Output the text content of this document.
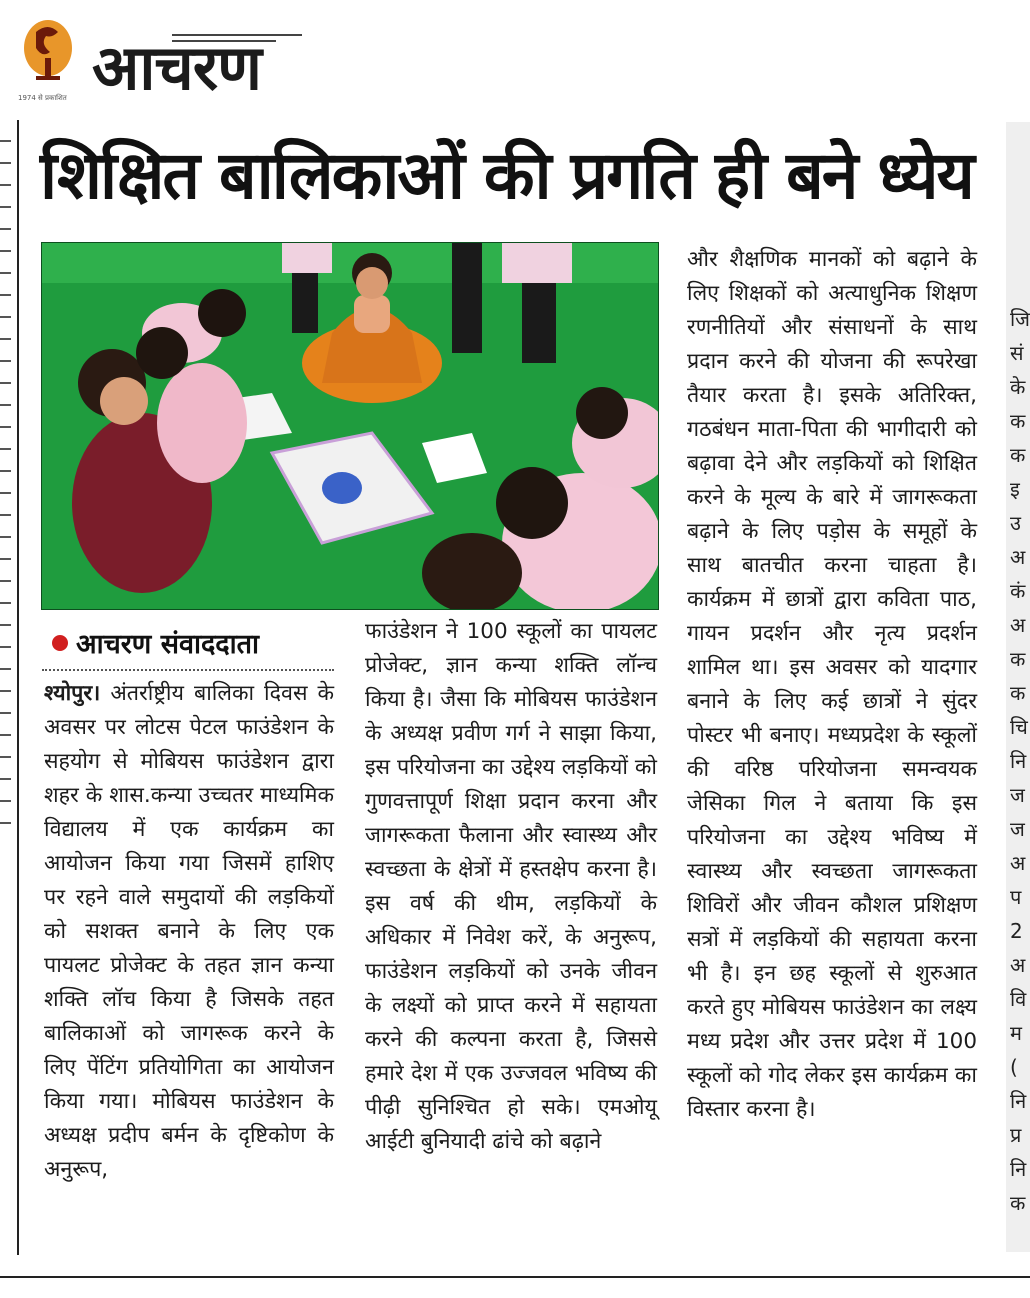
आचरण
1974 से प्रकाशित
जि
सं
के
क
क
इ
उ
अ
कं
अ
क
क
चि
नि
ज
ज
अ
प
2
अ
वि
म
(
नि
प्र
नि
क
शिक्षित बालिकाओं की प्रगति ही बने ध्येय
आचरण संवाददाता
श्योपुर। अंतर्राष्ट्रीय बालिका दिवस के अवसर पर लोटस पेटल फाउंडेशन के सहयोग से मोबियस फाउंडेशन द्वारा शहर के शास.कन्या उच्चतर माध्यमिक विद्यालय में एक कार्यक्रम का आयोजन किया गया जिसमें हाशिए पर रहने वाले समुदायों की लड़कियों को सशक्त बनाने के लिए एक पायलट प्रोजेक्ट के तहत ज्ञान कन्या शक्ति लॉच किया है जिसके तहत बालिकाओं को जागरूक करने के लिए पेंटिंग प्रतियोगिता का आयोजन किया गया। मोबियस फाउंडेशन के अध्यक्ष प्रदीप बर्मन के दृष्टिकोण के अनुरूप,
फाउंडेशन ने 100 स्कूलों का पायलट प्रोजेक्ट, ज्ञान कन्या शक्ति लॉन्च किया है। जैसा कि मोबियस फाउंडेशन के अध्यक्ष प्रवीण गर्ग ने साझा किया, इस परियोजना का उद्देश्य लड़कियों को गुणवत्तापूर्ण शिक्षा प्रदान करना और जागरूकता फैलाना और स्वास्थ्य और स्वच्छता के क्षेत्रों में हस्तक्षेप करना है। इस वर्ष की थीम, लड़कियों के अधिकार में निवेश करें, के अनुरूप, फाउंडेशन लड़कियों को उनके जीवन के लक्ष्यों को प्राप्त करने में सहायता करने की कल्पना करता है, जिससे हमारे देश में एक उज्जवल भविष्य की पीढ़ी सुनिश्चित हो सके। एमओयू आईटी बुनियादी ढांचे को बढ़ाने
और शैक्षणिक मानकों को बढ़ाने के लिए शिक्षकों को अत्याधुनिक शिक्षण रणनीतियों और संसाधनों के साथ प्रदान करने की योजना की रूपरेखा तैयार करता है। इसके अतिरिक्त, गठबंधन माता-पिता की भागीदारी को बढ़ावा देने और लड़कियों को शिक्षित करने के मूल्य के बारे में जागरूकता बढ़ाने के लिए पड़ोस के समूहों के साथ बातचीत करना चाहता है। कार्यक्रम में छात्रों द्वारा कविता पाठ, गायन प्रदर्शन और नृत्य प्रदर्शन शामिल था। इस अवसर को यादगार बनाने के लिए कई छात्रों ने सुंदर पोस्टर भी बनाए। मध्यप्रदेश के स्कूलों की वरिष्ठ परियोजना समन्वयक जेसिका गिल ने बताया कि इस परियोजना का उद्देश्य भविष्य में स्वास्थ्य और स्वच्छता जागरूकता शिविरों और जीवन कौशल प्रशिक्षण सत्रों में लड़कियों की सहायता करना भी है। इन छह स्कूलों से शुरुआत करते हुए मोबियस फाउंडेशन का लक्ष्य मध्य प्रदेश और उत्तर प्रदेश में 100 स्कूलों को गोद लेकर इस कार्यक्रम का विस्तार करना है।
